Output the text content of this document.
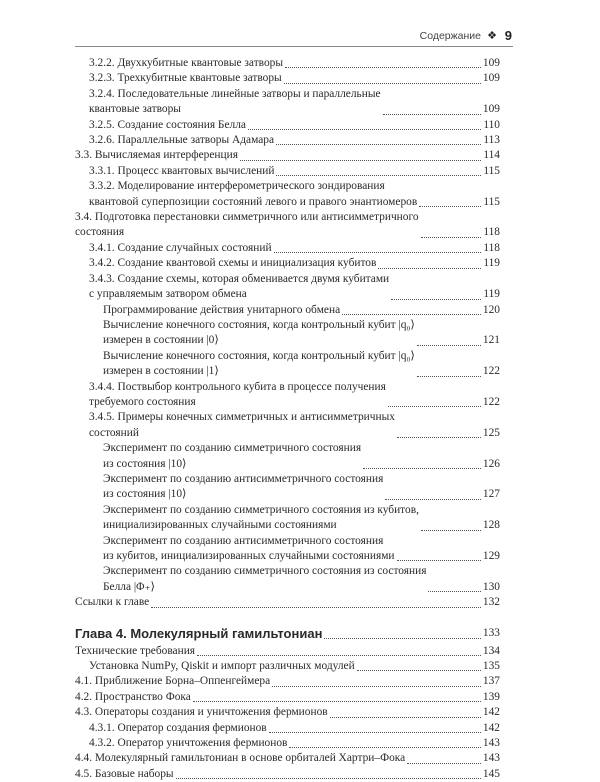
Содержание ❖ 9
3.2.2. Двухкубитные квантовые затворы	109
3.2.3. Трехкубитные квантовые затворы	109
3.2.4. Последовательные линейные затворы и параллельные
квантовые затворы	109
3.2.5. Создание состояния Белла	110
3.2.6. Параллельные затворы Адамара	113
3.3. Вычисляемая интерференция	114
3.3.1. Процесс квантовых вычислений	115
3.3.2. Моделирование интерферометрического зондирования
квантовой суперпозиции состояний левого и правого энантиомеров	115
3.4. Подготовка перестановки симметричного или антисимметричного
состояния	118
3.4.1. Создание случайных состояний	118
3.4.2. Создание квантовой схемы и инициализация кубитов	119
3.4.3. Создание схемы, которая обменивается двумя кубитами
с управляемым затвором обмена	119
Программирование действия унитарного обмена	120
Вычисление конечного состояния, когда контрольный кубит |q₀⟩
измерен в состоянии |0⟩	121
Вычисление конечного состояния, когда контрольный кубит |q₀⟩
измерен в состоянии |1⟩	122
3.4.4. Поствыбор контрольного кубита в процессе получения
требуемого состояния	122
3.4.5. Примеры конечных симметричных и антисимметричных
состояний	125
Эксперимент по созданию симметричного состояния
из состояния |10⟩	126
Эксперимент по созданию антисимметричного состояния
из состояния |10⟩	127
Эксперимент по созданию симметричного состояния из кубитов,
инициализированных случайными состояниями	128
Эксперимент по созданию антисимметричного состояния
из кубитов, инициализированных случайными состояниями	129
Эксперимент по созданию симметричного состояния из состояния
Белла |Φ₊⟩	130
Ссылки к главе	132
Глава 4. Молекулярный гамильтониан	133
Технические требования	134
Установка NumPy, Qiskit и импорт различных модулей	135
4.1. Приближение Борна–Оппенгеймера	137
4.2. Пространство Фока	139
4.3. Операторы создания и уничтожения фермионов	142
4.3.1. Оператор создания фермионов	142
4.3.2. Оператор уничтожения фермионов	143
4.4. Молекулярный гамильтониан в основе орбиталей Хартри–Фока	143
4.5. Базовые наборы	145
